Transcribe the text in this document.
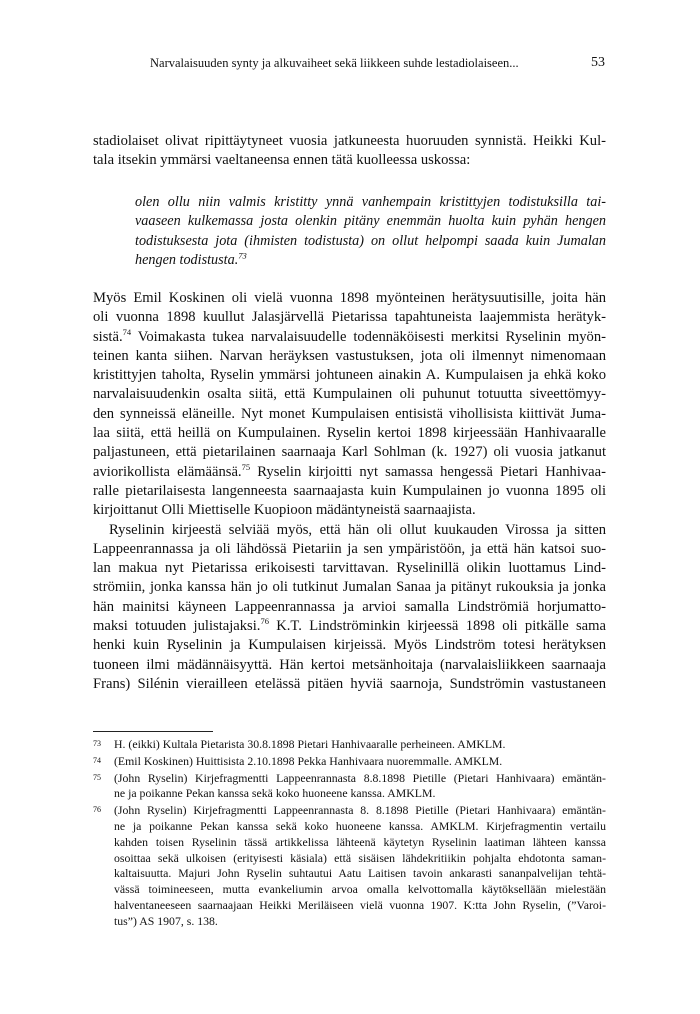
Narvalaisuuden synty ja alkuvaiheet sekä liikkeen suhde lestadiolaiseen...	53
stadiolaiset olivat ripittäytyneet vuosia jatkuneesta huoruuden synnistä. Heikki Kul-
tala itsekin ymmärsi vaeltaneensa ennen tätä kuolleessa uskossa:
olen ollu niin valmis kristitty ynnä vanhempain kristittyjen todistuksilla tai-
vaaseen kulkemassa josta olenkin pitäny enemmän huolta kuin pyhän hengen
todistuksesta jota (ihmisten todistusta) on ollut helpompi saada kuin Jumalan
hengen todistusta.$^{73}$
Myös Emil Koskinen oli vielä vuonna 1898 myönteinen herätysuutisille, joita hän
oli vuonna 1898 kuullut Jalasjärvellä Pietarissa tapahtuneista laajemmista herätyk-
sistä.$^{74}$ Voimakasta tukea narvalaisuudelle todennäköisesti merkitsi Ryselinin myön-
teinen kanta siihen. Narvan heräyksen vastustuksen, jota oli ilmennyt nimenomaan
kristittyjen taholta, Ryselin ymmärsi johtuneen ainakin A. Kumpulaisen ja ehkä koko
narvalaisuudenkin osalta siitä, että Kumpulainen oli puhunut totuutta siveettömyy-
den synneissä eläneille. Nyt monet Kumpulaisen entisistä vihollisista kiittivät Juma-
laa siitä, että heillä on Kumpulainen. Ryselin kertoi 1898 kirjeessään Hanhivaaralle
paljastuneen, että pietarilainen saarnaaja Karl Sohlman (k. 1927) oli vuosia jatkanut
aviorikollista elämäänsä.$^{75}$ Ryselin kirjoitti nyt samassa hengessä Pietari Hanhivaa-
ralle pietarilaisesta langenneesta saarnaajasta kuin Kumpulainen jo vuonna 1895 oli
kirjoittanut Olli Miettiselle Kuopioon mädäntyneistä saarnaajista.
Ryselinin kirjeestä selviää myös, että hän oli ollut kuukauden Virossa ja sitten
Lappeenrannassa ja oli lähdössä Pietariin ja sen ympäristöön, ja että hän katsoi suo-
lan makua nyt Pietarissa erikoisesti tarvittavan. Ryselinillä olikin luottamus Lind-
strömiin, jonka kanssa hän jo oli tutkinut Jumalan Sanaa ja pitänyt rukouksia ja jonka
hän mainitsi käyneen Lappeenrannassa ja arvioi samalla Lindströmiä horjumatto-
maksi totuuden julistajaksi.$^{76}$ K.T. Lindströminkin kirjeessä 1898 oli pitkälle sama
henki kuin Ryselinin ja Kumpulaisen kirjeissä. Myös Lindström totesi herätyksen
tuoneen ilmi mädännäisyyttä. Hän kertoi metsänhoitaja (narvalaisliikkeen saarnaaja
Frans) Silénin vierailleen etelässä pitäen hyviä saarnoja, Sundströmin vastustaneen
73 H. (eikki) Kultala Pietarista 30.8.1898 Pietari Hanhivaaralle perheineen. AMKLM.
74 (Emil Koskinen) Huittisista 2.10.1898 Pekka Hanhivaara nuoremmalle. AMKLM.
75 (John Ryselin) Kirjefragmentti Lappeenrannasta 8.8.1898 Pietille (Pietari Hanhivaara) emäntän-
ne ja poikanne Pekan kanssa sekä koko huoneene kanssa. AMKLM.
76 (John Ryselin) Kirjefragmentti Lappeenrannasta 8. 8.1898 Pietille (Pietari Hanhivaara) emäntän-
ne ja poikanne Pekan kanssa sekä koko huoneene kanssa. AMKLM. Kirjefragmentin vertailu
kahden toisen Ryselinin tässä artikkelissa lähteenä käytetyn Ryselinin laatiman lähteen kanssa
osoittaa sekä ulkoisen (erityisesti käsiala) että sisäisen lähdekritiikin pohjalta ehdotonta saman-
kaltaisuutta. Majuri John Ryselin suhtautui Aatu Laitisen tavoin ankarasti sananpalvelijan tehtä-
vässä toimineeseen, mutta evankeliumin arvoa omalla kelvottomalla käytöksellään mielestään
halventaneeseen saarnaajaan Heikki Meriläiseen vielä vuonna 1907. K:tta John Ryselin, (”Varoi-
tus”) AS 1907, s. 138.
